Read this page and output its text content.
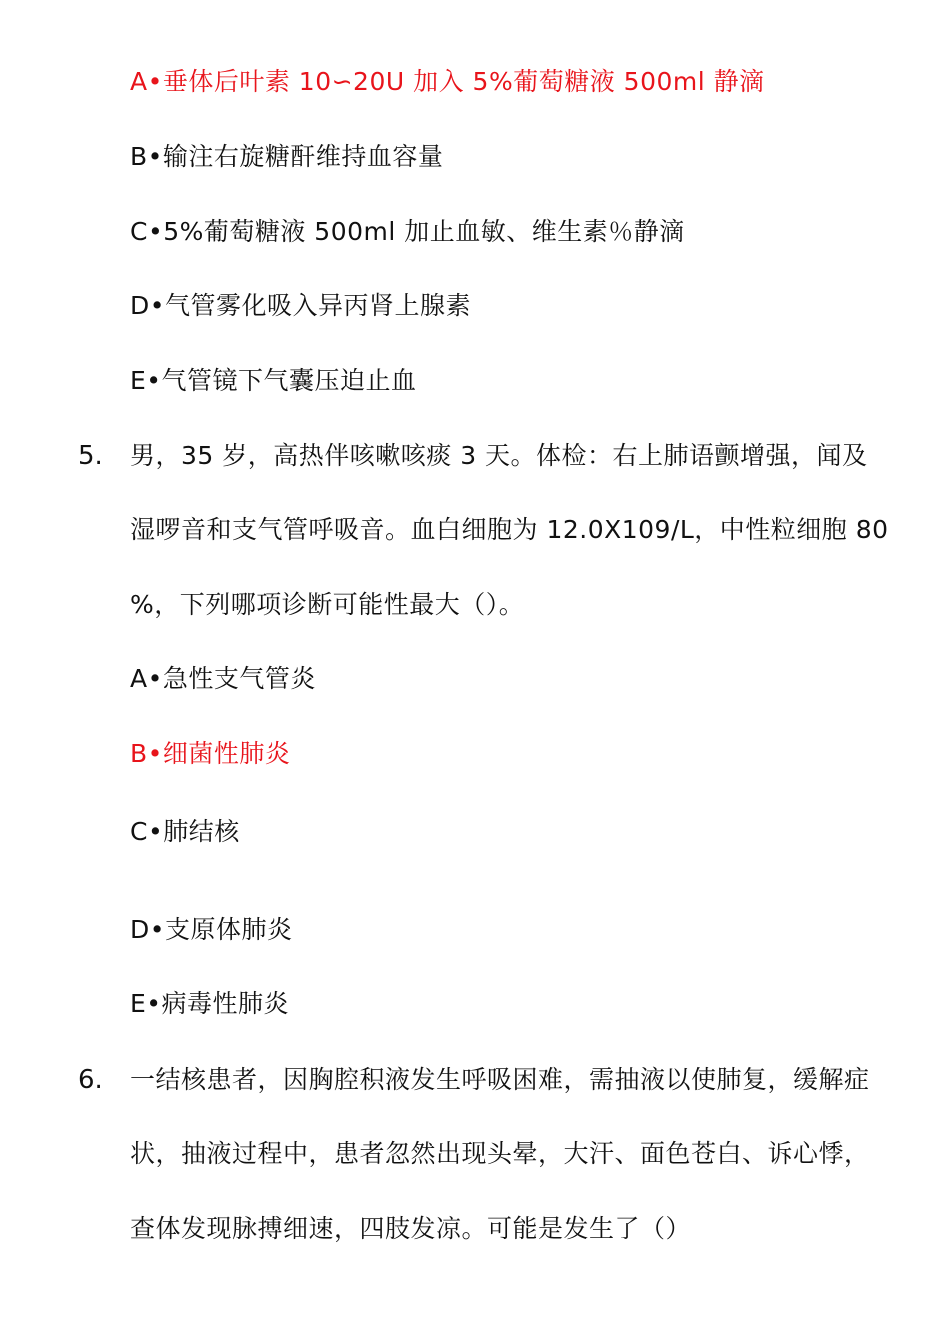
A•垂体后叶素 10∽20U 加入 5%葡萄糖液 500ml 静滴
B•输注右旋糖酐维持血容量
C•5%葡萄糖液 500ml 加止血敏、维生素％静滴
D•气管雾化吸入异丙肾上腺素
E•气管镜下气囊压迫止血
5. 男，35 岁，高热伴咳嗽咳痰 3 天。体检：右上肺语颤增强，闻及
湿啰音和支气管呼吸音。血白细胞为 12.0X109/L，中性粒细胞 80
%，下列哪项诊断可能性最大（）。
A•急性支气管炎
B•细菌性肺炎
C•肺结核
D•支原体肺炎
E•病毒性肺炎
6. 一结核患者，因胸腔积液发生呼吸困难，需抽液以使肺复，缓解症
状，抽液过程中，患者忽然出现头晕，大汗、面色苍白、诉心悸，
查体发现脉搏细速，四肢发凉。可能是发生了（）
